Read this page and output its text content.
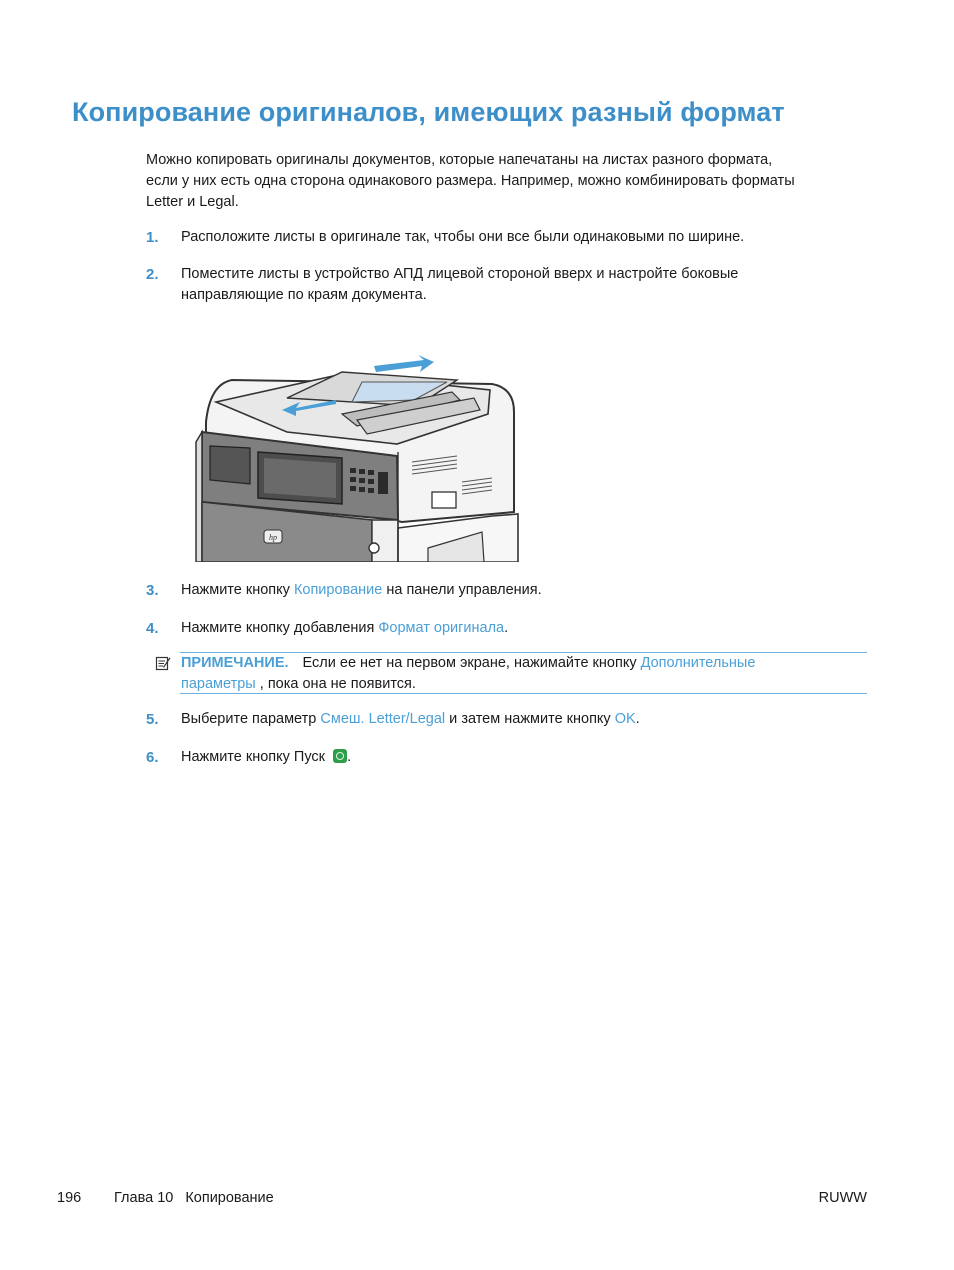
Копирование оригиналов, имеющих разный формат
Можно копировать оригиналы документов, которые напечатаны на листах разного формата,
если у них есть одна сторона одинакового размера. Например, можно комбинировать форматы
Letter и Legal.
1.	Расположите листы в оригинале так, чтобы они все были одинаковыми по ширине.
2.	Поместите листы в устройство АПД лицевой стороной вверх и настройте боковые
направляющие по краям документа.
hp
3.	Нажмите кнопку Копирование на панели управления.
4.	Нажмите кнопку добавления Формат оригинала.
ПРИМЕЧАНИЕ. Если ее нет на первом экране, нажимайте кнопку Дополнительные
параметры , пока она не появится.
5.	Выберите параметр Смеш. Letter/Legal и затем нажмите кнопку OK.
6.	Нажмите кнопку Пуск .
196 Глава 10 Копирование	RUWW
